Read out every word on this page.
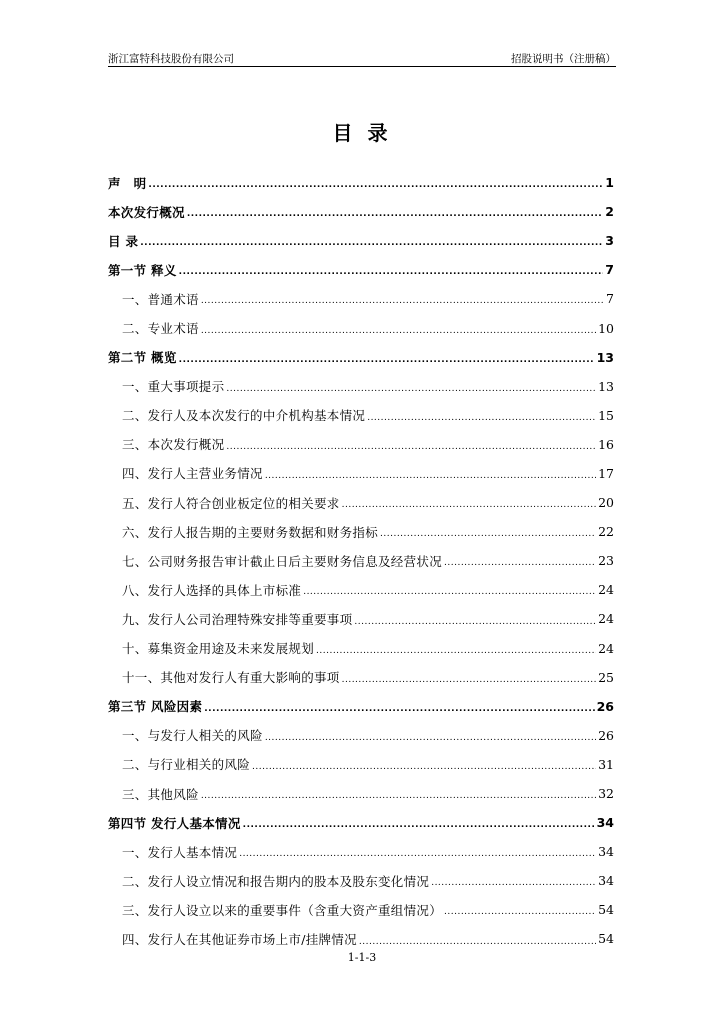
浙江富特科技股份有限公司	招股说明书（注册稿）
目 录
声　明 .....	1
本次发行概况 .....	2
目 录 .....	3
第一节 释义 .....	7
一、普通术语 .....	7
二、专业术语 .....	10
第二节 概览 .....	13
一、重大事项提示 .....	13
二、发行人及本次发行的中介机构基本情况 .....	15
三、本次发行概况 .....	16
四、发行人主营业务情况 .....	17
五、发行人符合创业板定位的相关要求 .....	20
六、发行人报告期的主要财务数据和财务指标 .....	22
七、公司财务报告审计截止日后主要财务信息及经营状况 .....	23
八、发行人选择的具体上市标准 .....	24
九、发行人公司治理特殊安排等重要事项 .....	24
十、募集资金用途及未来发展规划 .....	24
十一、其他对发行人有重大影响的事项 .....	25
第三节 风险因素 .....	26
一、与发行人相关的风险 .....	26
二、与行业相关的风险 .....	31
三、其他风险 .....	32
第四节 发行人基本情况 .....	34
一、发行人基本情况 .....	34
二、发行人设立情况和报告期内的股本及股东变化情况 .....	34
三、发行人设立以来的重要事件（含重大资产重组情况） .....	54
四、发行人在其他证券市场上市/挂牌情况 .....	54
1-1-3
